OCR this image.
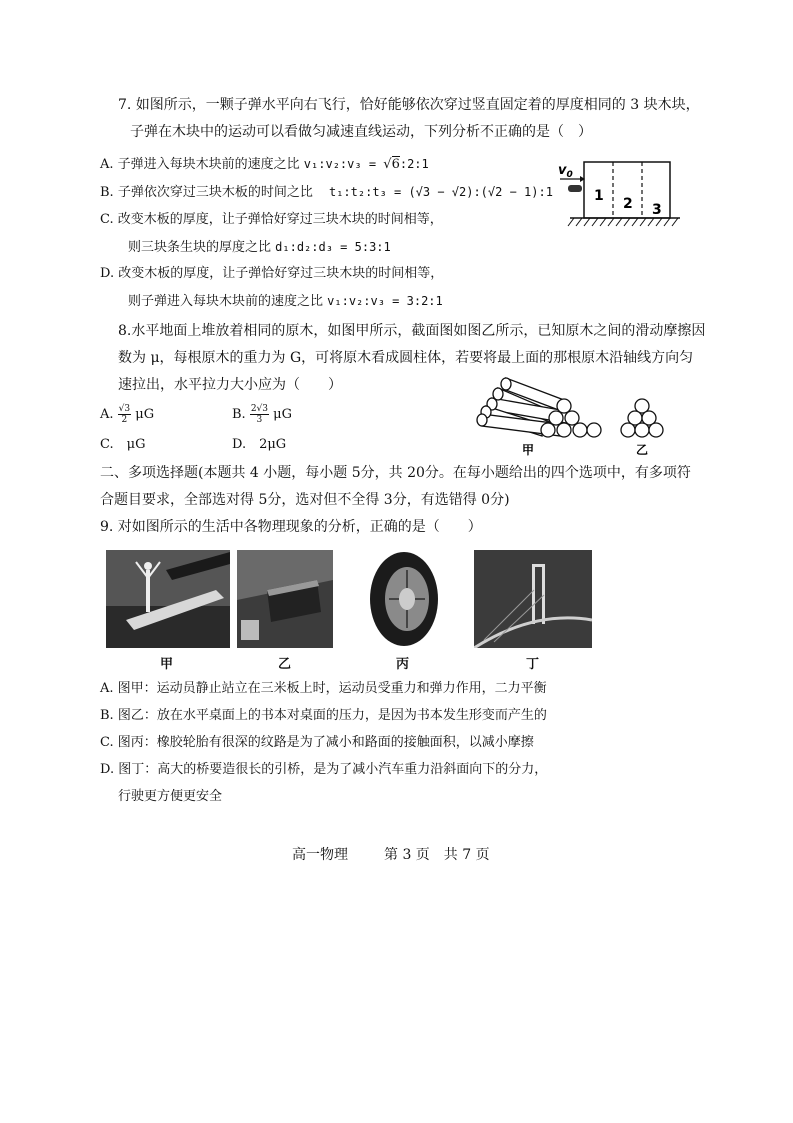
7. 如图所示，一颗子弹水平向右飞行，恰好能够依次穿过竖直固定着的厚度相同的 3 块木块，
子弹在木块中的运动可以看做匀减速直线运动，下列分析不正确的是（　）
A. 子弹进入每块木块前的速度之比 v₁:v₂:v₃ = √6:2:1
B. 子弹依次穿过三块木板的时间之比 t₁:t₂:t₃ = (√3 − √2):(√2 − 1):1
C. 改变木板的厚度，让子弹恰好穿过三块木块的时间相等，
则三块条生块的厚度之比 d₁:d₂:d₃ = 5:3:1
D. 改变木板的厚度，让子弹恰好穿过三块木块的时间相等，
则子弹进入每块木块前的速度之比 v₁:v₂:v₃ = 3:2:1
1 2 3
$v_0$
8.水平地面上堆放着相同的原木，如图甲所示，截面图如图乙所示，已知原木之间的滑动摩擦因
数为 μ，每根原木的重力为 G，可将原木看成圆柱体，若要将最上面的那根原木沿轴线方向匀
速拉出，水平拉力大小应为（　　）
A. $\frac{√3}{2}$ μG	B. $\frac{2√3}{3}$ μG
C.　μG	D.　2μG	甲	乙
二、多项选择题(本题共 4 小题，每小题 5分，共 20分。在每小题给出的四个选项中，有多项符
合题目要求，全部选对得 5分，选对但不全得 3分，有选错得 0分)
9. 对如图所示的生活中各物理现象的分析，正确的是（　　）
甲	乙	丙	丁
A. 图甲：运动员静止站立在三米板上时，运动员受重力和弹力作用，二力平衡
B. 图乙：放在水平桌面上的书本对桌面的压力，是因为书本发生形变而产生的
C. 图丙：橡胶轮胎有很深的纹路是为了减小和路面的接触面积，以减小摩擦
D. 图丁：高大的桥要造很长的引桥，是为了减小汽车重力沿斜面向下的分力，
行驶更方便更安全
高一物理	第 3 页　共 7 页
